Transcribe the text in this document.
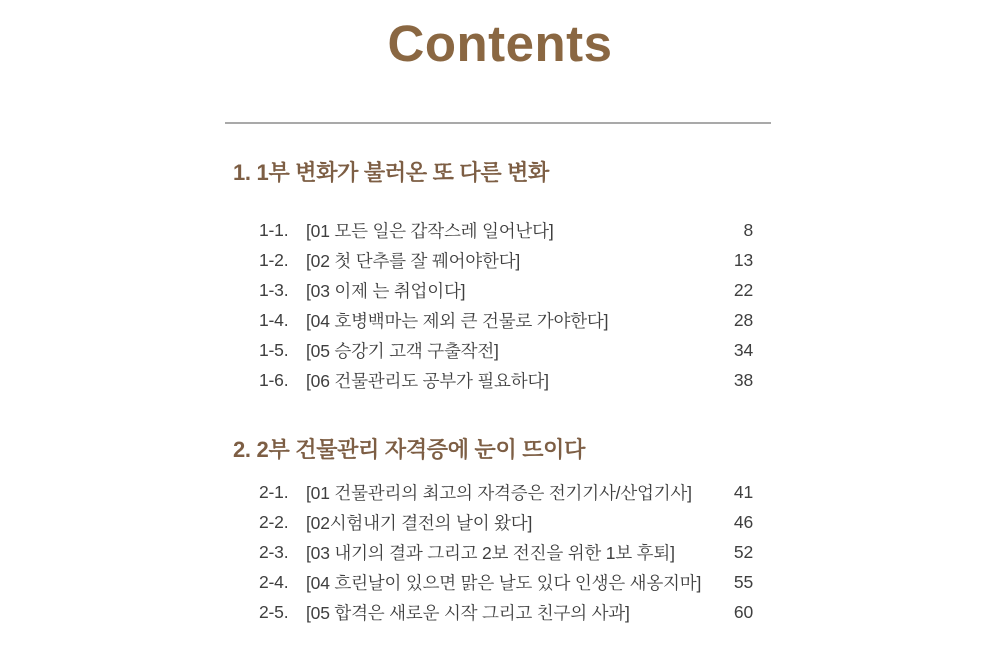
Contents
1. 1부 변화가 불러온 또 다른 변화
1-1.	[01 모든 일은 갑작스레 일어난다]	8
1-2.	[02 첫 단추를 잘 꿰어야한다]	13
1-3.	[03 이제 는 취업이다]	22
1-4.	[04 호병백마는 제외 큰 건물로 가야한다]	28
1-5.	[05 승강기 고객 구출작전]	34
1-6.	[06 건물관리도 공부가 필요하다]	38
2. 2부 건물관리 자격증에 눈이 뜨이다
2-1.	[01 건물관리의 최고의 자격증은 전기기사/산업기사]	41
2-2.	[02시험내기 결전의 날이 왔다]	46
2-3.	[03 내기의 결과 그리고 2보 전진을 위한 1보 후퇴]	52
2-4.	[04 흐린날이 있으면 맑은 날도 있다 인생은 새옹지마]	55
2-5.	[05 합격은 새로운 시작 그리고 친구의 사과]	60
